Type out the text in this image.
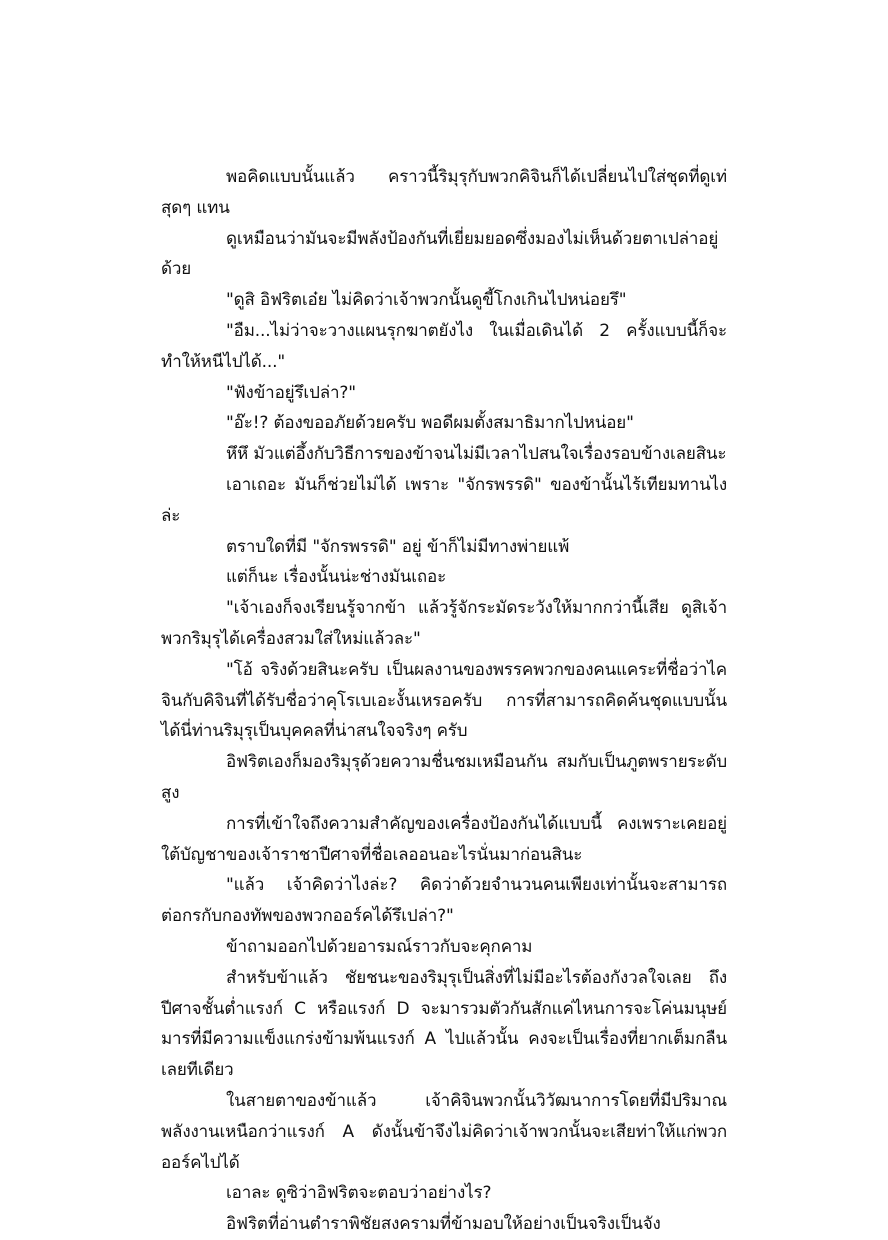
พอคิดแบบนั้นแล้ว คราวนี้ริมุรุกับพวกคิจินก็ได้เปลี่ยนไปใส่ชุดที่ดูเท่สุดๆ แทน

ดูเหมือนว่ามันจะมีพลังป้องกันที่เยี่ยมยอดซึ่งมองไม่เห็นด้วยตาเปล่าอยู่ด้วย

"ดูสิ อิฟริตเอ๋ย ไม่คิดว่าเจ้าพวกนั้นดูขี้โกงเกินไปหน่อยรึ"

"อืม...ไม่ว่าจะวางแผนรุกฆาตยังไง ในเมื่อเดินได้ 2 ครั้งแบบนี้ก็จะทำให้หนีไปได้..."

"ฟังข้าอยู่รึเปล่า?"

"อ๊ะ!? ต้องขออภัยด้วยครับ พอดีผมตั้งสมาธิมากไปหน่อย"

หึหึ มัวแต่อึ้งกับวิธีการของข้าจนไม่มีเวลาไปสนใจเรื่องรอบข้างเลยสินะ

เอาเถอะ มันก็ช่วยไม่ได้ เพราะ "จักรพรรดิ" ของข้านั้นไร้เทียมทานไงล่ะ

ตราบใดที่มี "จักรพรรดิ" อยู่ ข้าก็ไม่มีทางพ่ายแพ้

แต่ก็นะ เรื่องนั้นน่ะช่างมันเถอะ

"เจ้าเองก็จงเรียนรู้จากข้า แล้วรู้จักระมัดระวังให้มากกว่านี้เสีย ดูสิเจ้าพวกริมุรุได้เครื่องสวมใส่ใหม่แล้วละ"

"โอ้ จริงด้วยสินะครับ เป็นผลงานของพรรคพวกของคนแคระที่ชื่อว่าไคจินกับคิจินที่ได้รับชื่อว่าคุโรเบเอะงั้นเหรอครับ การที่สามารถคิดค้นชุดแบบนั้นได้นี่ท่านริมุรุเป็นบุคคลที่น่าสนใจจริงๆ ครับ

อิฟริตเองก็มองริมุรุด้วยความชื่นชมเหมือนกัน สมกับเป็นภูตพรายระดับสูง

การที่เข้าใจถึงความสำคัญของเครื่องป้องกันได้แบบนี้ คงเพราะเคยอยู่ใต้บัญชาของเจ้าราชาปีศาจที่ชื่อเลออนอะไรนั่นมาก่อนสินะ

"แล้ว เจ้าคิดว่าไงล่ะ? คิดว่าด้วยจำนวนคนเพียงเท่านั้นจะสามารถต่อกรกับกองทัพของพวกออร์คได้รึเปล่า?"

ข้าถามออกไปด้วยอารมณ์ราวกับจะคุกคาม

สำหรับข้าแล้ว ชัยชนะของริมุรุเป็นสิ่งที่ไม่มีอะไรต้องกังวลใจเลย ถึงปีศาจชั้นต่ำแรงก์ C หรือแรงก์ D จะมารวมตัวกันสักแค่ไหนการจะโค่นมนุษย์มารที่มีความแข็งแกร่งข้ามพ้นแรงก์ A ไปแล้วนั้น คงจะเป็นเรื่องที่ยากเต็มกลืนเลยทีเดียว

ในสายตาของข้าแล้ว เจ้าคิจินพวกนั้นวิวัฒนาการโดยที่มีปริมาณพลังงานเหนือกว่าแรงก์ A ดังนั้นข้าจึงไม่คิดว่าเจ้าพวกนั้นจะเสียท่าให้แก่พวกออร์คไปได้

เอาละ ดูซิว่าอิฟริตจะตอบว่าอย่างไร?

อิฟริตที่อ่านตำราพิชัยสงครามที่ข้ามอบให้อย่างเป็นจริงเป็นจัง
